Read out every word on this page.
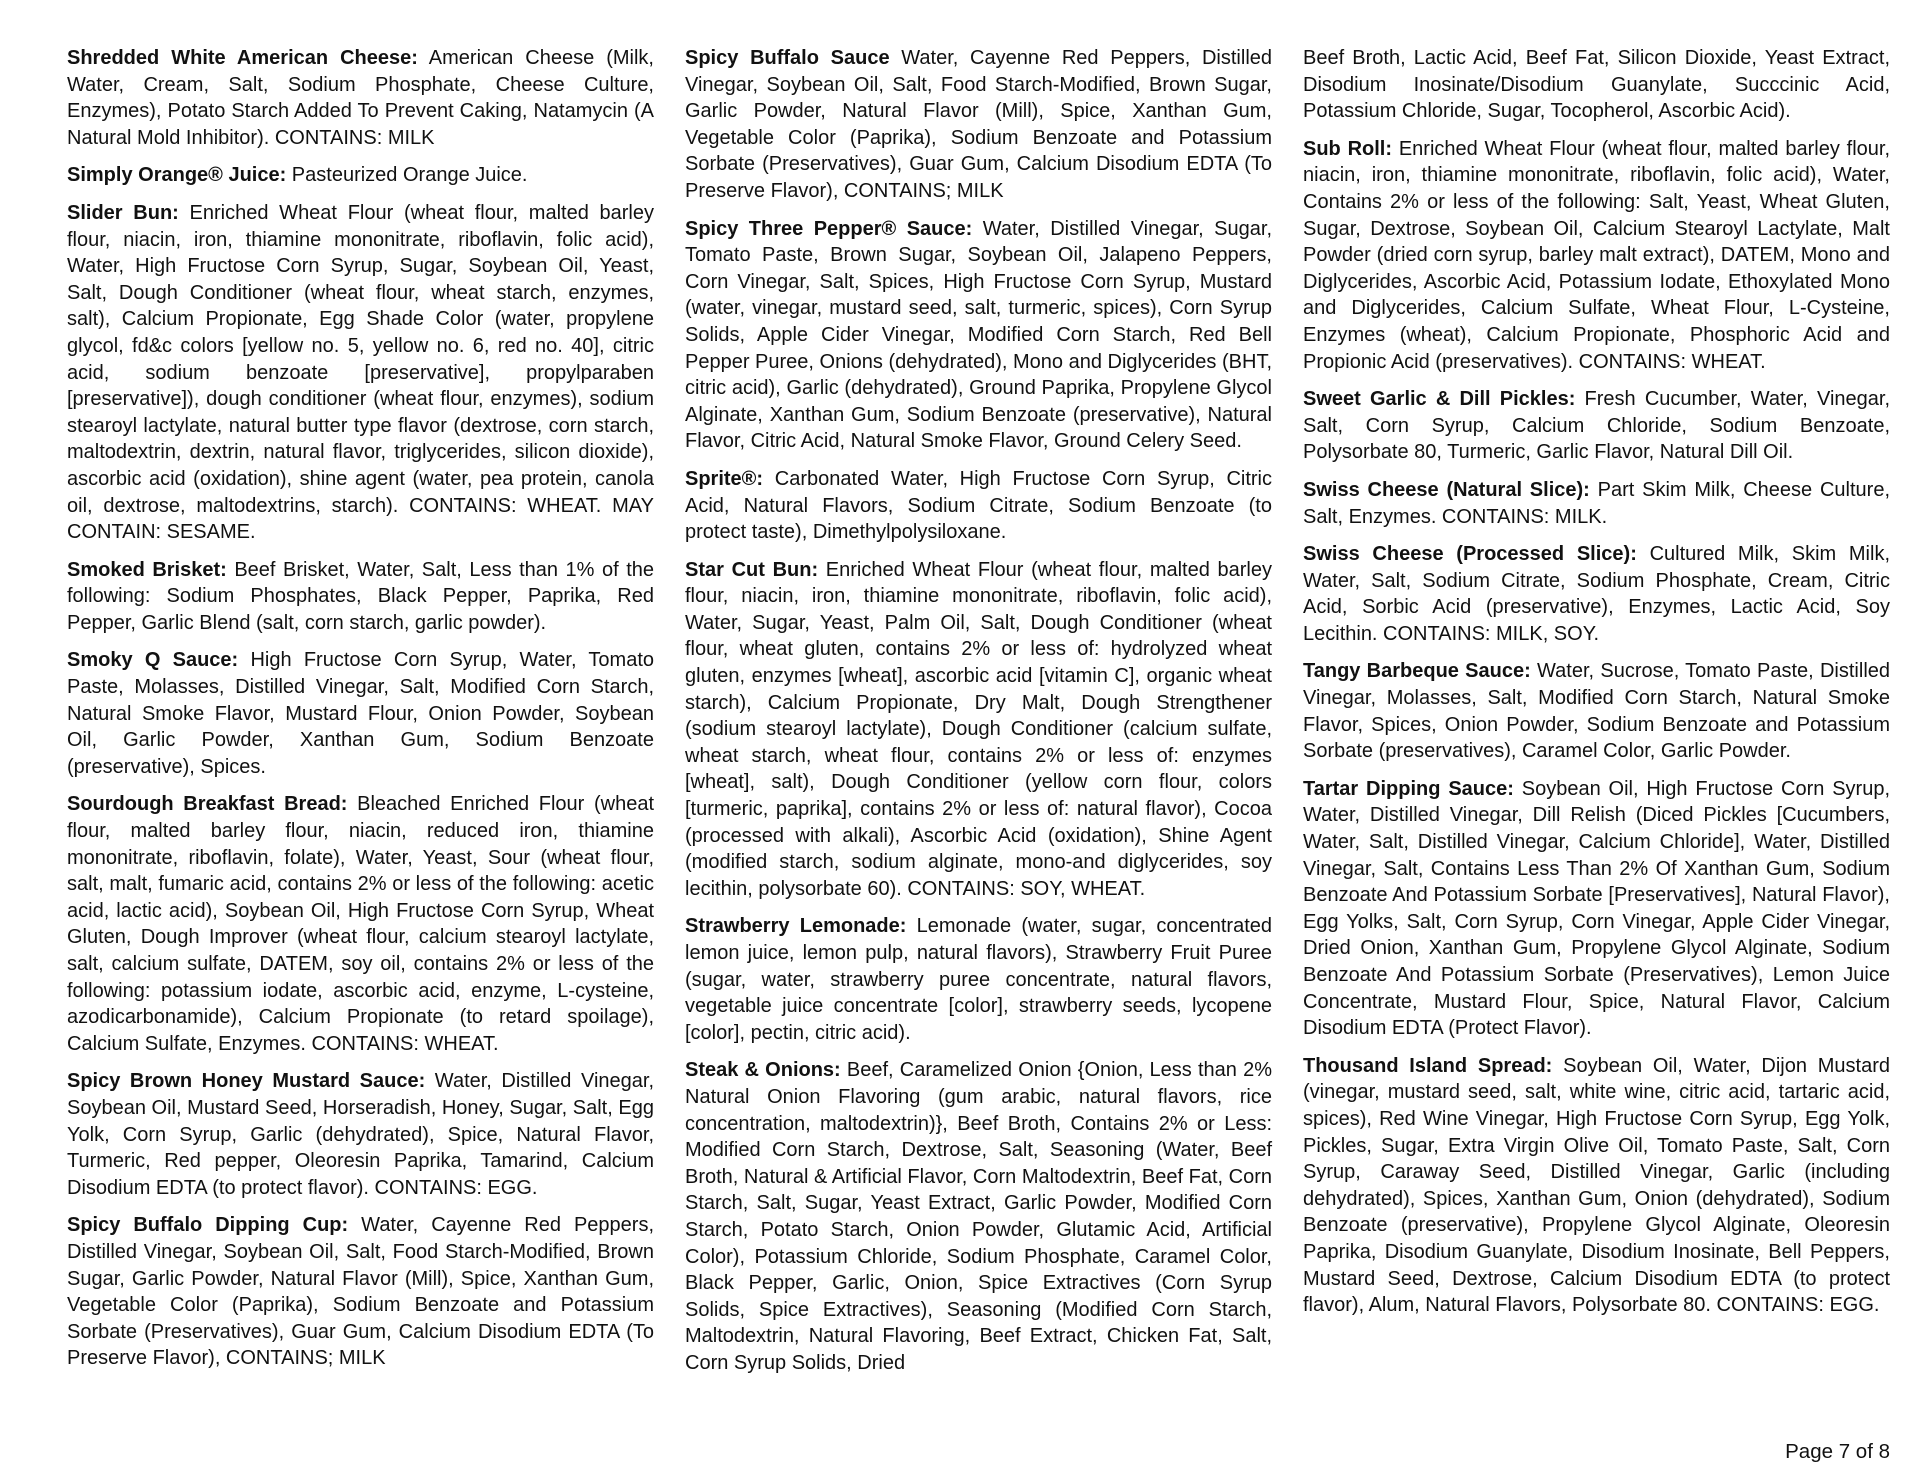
Shredded White American Cheese: American Cheese (Milk, Water, Cream, Salt, Sodium Phosphate, Cheese Culture, Enzymes), Potato Starch Added To Prevent Caking, Natamycin (A Natural Mold Inhibitor). CONTAINS: MILK

Simply Orange® Juice: Pasteurized Orange Juice.

Slider Bun: Enriched Wheat Flour (wheat flour, malted barley flour, niacin, iron, thiamine mononitrate, riboflavin, folic acid), Water, High Fructose Corn Syrup, Sugar, Soybean Oil, Yeast, Salt, Dough Conditioner (wheat flour, wheat starch, enzymes, salt), Calcium Propionate, Egg Shade Color (water, propylene glycol, fd&c colors [yellow no. 5, yellow no. 6, red no. 40], citric acid, sodium benzoate [preservative], propylparaben [preservative]), dough conditioner (wheat flour, enzymes), sodium stearoyl lactylate, natural butter type flavor (dextrose, corn starch, maltodextrin, dextrin, natural flavor, triglycerides, silicon dioxide), ascorbic acid (oxidation), shine agent (water, pea protein, canola oil, dextrose, maltodextrins, starch). CONTAINS: WHEAT. MAY CONTAIN: SESAME.

Smoked Brisket: Beef Brisket, Water, Salt, Less than 1% of the following: Sodium Phosphates, Black Pepper, Paprika, Red Pepper, Garlic Blend (salt, corn starch, garlic powder).

Smoky Q Sauce: High Fructose Corn Syrup, Water, Tomato Paste, Molasses, Distilled Vinegar, Salt, Modified Corn Starch, Natural Smoke Flavor, Mustard Flour, Onion Powder, Soybean Oil, Garlic Powder, Xanthan Gum, Sodium Benzoate (preservative), Spices.

Sourdough Breakfast Bread: Bleached Enriched Flour (wheat flour, malted barley flour, niacin, reduced iron, thiamine mononitrate, riboflavin, folate), Water, Yeast, Sour (wheat flour, salt, malt, fumaric acid, contains 2% or less of the following: acetic acid, lactic acid), Soybean Oil, High Fructose Corn Syrup, Wheat Gluten, Dough Improver (wheat flour, calcium stearoyl lactylate, salt, calcium sulfate, DATEM, soy oil, contains 2% or less of the following: potassium iodate, ascorbic acid, enzyme, L-cysteine, azodicarbonamide), Calcium Propionate (to retard spoilage), Calcium Sulfate, Enzymes. CONTAINS: WHEAT.

Spicy Brown Honey Mustard Sauce: Water, Distilled Vinegar, Soybean Oil, Mustard Seed, Horseradish, Honey, Sugar, Salt, Egg Yolk, Corn Syrup, Garlic (dehydrated), Spice, Natural Flavor, Turmeric, Red pepper, Oleoresin Paprika, Tamarind, Calcium Disodium EDTA (to protect flavor). CONTAINS: EGG.

Spicy Buffalo Dipping Cup: Water, Cayenne Red Peppers, Distilled Vinegar, Soybean Oil, Salt, Food Starch-Modified, Brown Sugar, Garlic Powder, Natural Flavor (Mill), Spice, Xanthan Gum, Vegetable Color (Paprika), Sodium Benzoate and Potassium Sorbate (Preservatives), Guar Gum, Calcium Disodium EDTA (To Preserve Flavor), CONTAINS; MILK

Spicy Buffalo Sauce Water, Cayenne Red Peppers, Distilled Vinegar, Soybean Oil, Salt, Food Starch-Modified, Brown Sugar, Garlic Powder, Natural Flavor (Mill), Spice, Xanthan Gum, Vegetable Color (Paprika), Sodium Benzoate and Potassium Sorbate (Preservatives), Guar Gum, Calcium Disodium EDTA (To Preserve Flavor), CONTAINS; MILK

Spicy Three Pepper® Sauce: Water, Distilled Vinegar, Sugar, Tomato Paste, Brown Sugar, Soybean Oil, Jalapeno Peppers, Corn Vinegar, Salt, Spices, High Fructose Corn Syrup, Mustard (water, vinegar, mustard seed, salt, turmeric, spices), Corn Syrup Solids, Apple Cider Vinegar, Modified Corn Starch, Red Bell Pepper Puree, Onions (dehydrated), Mono and Diglycerides (BHT, citric acid), Garlic (dehydrated), Ground Paprika, Propylene Glycol Alginate, Xanthan Gum, Sodium Benzoate (preservative), Natural Flavor, Citric Acid, Natural Smoke Flavor, Ground Celery Seed.

Sprite®: Carbonated Water, High Fructose Corn Syrup, Citric Acid, Natural Flavors, Sodium Citrate, Sodium Benzoate (to protect taste), Dimethylpolysiloxane.

Star Cut Bun: Enriched Wheat Flour (wheat flour, malted barley flour, niacin, iron, thiamine mononitrate, riboflavin, folic acid), Water, Sugar, Yeast, Palm Oil, Salt, Dough Conditioner (wheat flour, wheat gluten, contains 2% or less of: hydrolyzed wheat gluten, enzymes [wheat], ascorbic acid [vitamin C], organic wheat starch), Calcium Propionate, Dry Malt, Dough Strengthener (sodium stearoyl lactylate), Dough Conditioner (calcium sulfate, wheat starch, wheat flour, contains 2% or less of: enzymes [wheat], salt), Dough Conditioner (yellow corn flour, colors [turmeric, paprika], contains 2% or less of: natural flavor), Cocoa (processed with alkali), Ascorbic Acid (oxidation), Shine Agent (modified starch, sodium alginate, mono-and diglycerides, soy lecithin, polysorbate 60). CONTAINS: SOY, WHEAT.

Strawberry Lemonade: Lemonade (water, sugar, concentrated lemon juice, lemon pulp, natural flavors), Strawberry Fruit Puree (sugar, water, strawberry puree concentrate, natural flavors, vegetable juice concentrate [color], strawberry seeds, lycopene [color], pectin, citric acid).

Steak & Onions: Beef, Caramelized Onion {Onion, Less than 2% Natural Onion Flavoring (gum arabic, natural flavors, rice concentration, maltodextrin)}, Beef Broth, Contains 2% or Less: Modified Corn Starch, Dextrose, Salt, Seasoning (Water, Beef Broth, Natural & Artificial Flavor, Corn Maltodextrin, Beef Fat, Corn Starch, Salt, Sugar, Yeast Extract, Garlic Powder, Modified Corn Starch, Potato Starch, Onion Powder, Glutamic Acid, Artificial Color), Potassium Chloride, Sodium Phosphate, Caramel Color, Black Pepper, Garlic, Onion, Spice Extractives (Corn Syrup Solids, Spice Extractives), Seasoning (Modified Corn Starch, Maltodextrin, Natural Flavoring, Beef Extract, Chicken Fat, Salt, Corn Syrup Solids, Dried

Beef Broth, Lactic Acid, Beef Fat, Silicon Dioxide, Yeast Extract, Disodium Inosinate/Disodium Guanylate, Succcinic Acid, Potassium Chloride, Sugar, Tocopherol, Ascorbic Acid).

Sub Roll: Enriched Wheat Flour (wheat flour, malted barley flour, niacin, iron, thiamine mononitrate, riboflavin, folic acid), Water, Contains 2% or less of the following: Salt, Yeast, Wheat Gluten, Sugar, Dextrose, Soybean Oil, Calcium Stearoyl Lactylate, Malt Powder (dried corn syrup, barley malt extract), DATEM, Mono and Diglycerides, Ascorbic Acid, Potassium Iodate, Ethoxylated Mono and Diglycerides, Calcium Sulfate, Wheat Flour, L-Cysteine, Enzymes (wheat), Calcium Propionate, Phosphoric Acid and Propionic Acid (preservatives). CONTAINS: WHEAT.

Sweet Garlic & Dill Pickles: Fresh Cucumber, Water, Vinegar, Salt, Corn Syrup, Calcium Chloride, Sodium Benzoate, Polysorbate 80, Turmeric, Garlic Flavor, Natural Dill Oil.

Swiss Cheese (Natural Slice): Part Skim Milk, Cheese Culture, Salt, Enzymes. CONTAINS: MILK.

Swiss Cheese (Processed Slice): Cultured Milk, Skim Milk, Water, Salt, Sodium Citrate, Sodium Phosphate, Cream, Citric Acid, Sorbic Acid (preservative), Enzymes, Lactic Acid, Soy Lecithin. CONTAINS: MILK, SOY.

Tangy Barbeque Sauce: Water, Sucrose, Tomato Paste, Distilled Vinegar, Molasses, Salt, Modified Corn Starch, Natural Smoke Flavor, Spices, Onion Powder, Sodium Benzoate and Potassium Sorbate (preservatives), Caramel Color, Garlic Powder.

Tartar Dipping Sauce: Soybean Oil, High Fructose Corn Syrup, Water, Distilled Vinegar, Dill Relish (Diced Pickles [Cucumbers, Water, Salt, Distilled Vinegar, Calcium Chloride], Water, Distilled Vinegar, Salt, Contains Less Than 2% Of Xanthan Gum, Sodium Benzoate And Potassium Sorbate [Preservatives], Natural Flavor), Egg Yolks, Salt, Corn Syrup, Corn Vinegar, Apple Cider Vinegar, Dried Onion, Xanthan Gum, Propylene Glycol Alginate, Sodium Benzoate And Potassium Sorbate (Preservatives), Lemon Juice Concentrate, Mustard Flour, Spice, Natural Flavor, Calcium Disodium EDTA (Protect Flavor).

Thousand Island Spread: Soybean Oil, Water, Dijon Mustard (vinegar, mustard seed, salt, white wine, citric acid, tartaric acid, spices), Red Wine Vinegar, High Fructose Corn Syrup, Egg Yolk, Pickles, Sugar, Extra Virgin Olive Oil, Tomato Paste, Salt, Corn Syrup, Caraway Seed, Distilled Vinegar, Garlic (including dehydrated), Spices, Xanthan Gum, Onion (dehydrated), Sodium Benzoate (preservative), Propylene Glycol Alginate, Oleoresin Paprika, Disodium Guanylate, Disodium Inosinate, Bell Peppers, Mustard Seed, Dextrose, Calcium Disodium EDTA (to protect flavor), Alum, Natural Flavors, Polysorbate 80. CONTAINS: EGG.

Page 7 of 8
